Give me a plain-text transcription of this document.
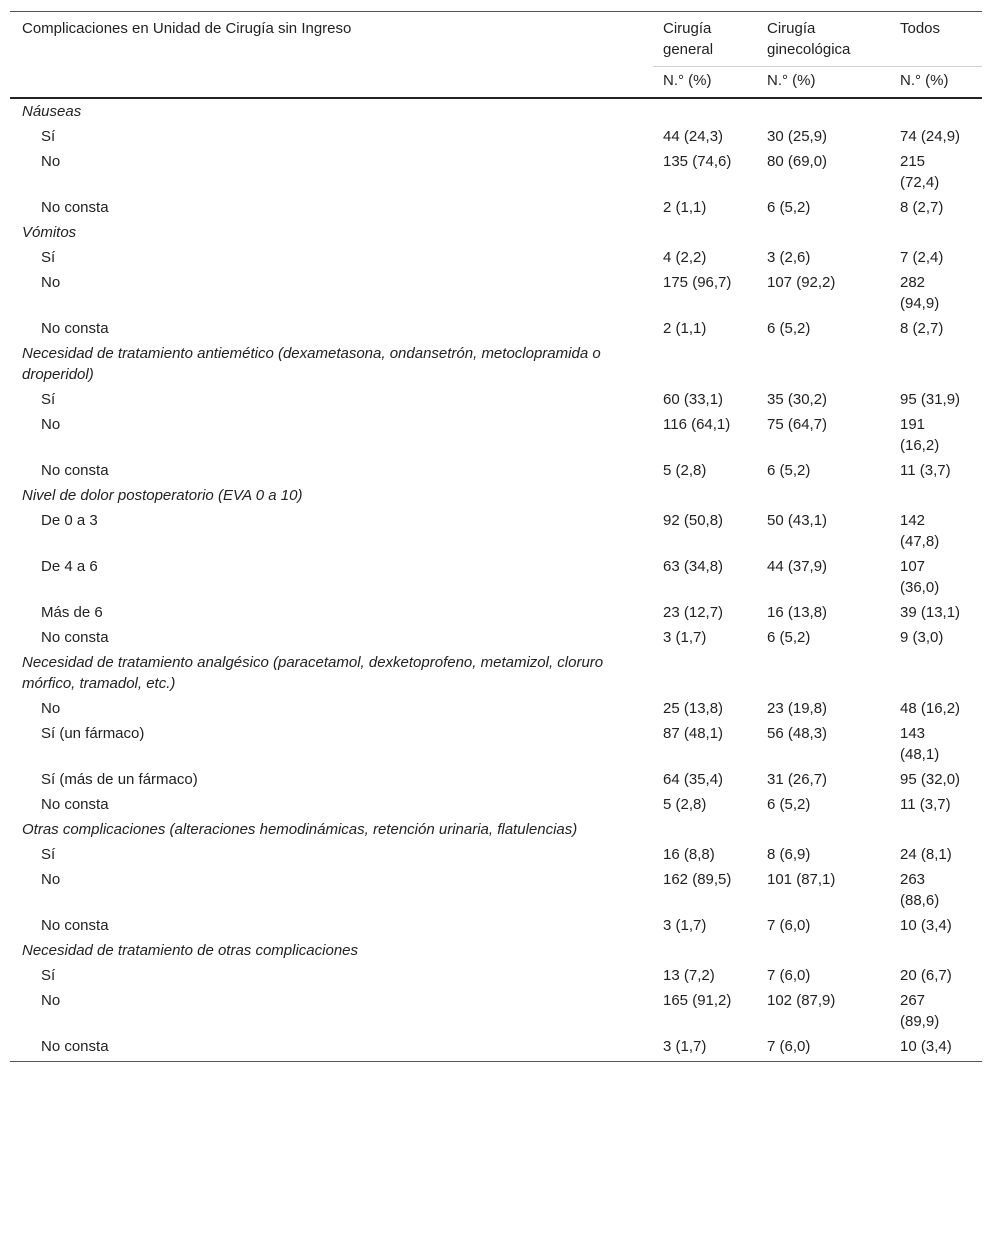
Complicaciones en Unidad de Cirugía sin Ingreso	Cirugía general	Cirugía ginecológica	Todos
	N.° (%)	N.° (%)	N.° (%)
Náuseas			
Sí	44 (24,3)	30 (25,9)	74 (24,9)
No	135 (74,6)	80 (69,0)	215 (72,4)
No consta	2 (1,1)	6 (5,2)	8 (2,7)
Vómitos			
Sí	4 (2,2)	3 (2,6)	7 (2,4)
No	175 (96,7)	107 (92,2)	282 (94,9)
No consta	2 (1,1)	6 (5,2)	8 (2,7)
Necesidad de tratamiento antiemético (dexametasona, ondansetrón, metoclopramida o droperidol)			
Sí	60 (33,1)	35 (30,2)	95 (31,9)
No	116 (64,1)	75 (64,7)	191 (16,2)
No consta	5 (2,8)	6 (5,2)	11 (3,7)
Nivel de dolor postoperatorio (EVA 0 a 10)			
De 0 a 3	92 (50,8)	50 (43,1)	142 (47,8)
De 4 a 6	63 (34,8)	44 (37,9)	107 (36,0)
Más de 6	23 (12,7)	16 (13,8)	39 (13,1)
No consta	3 (1,7)	6 (5,2)	9 (3,0)
Necesidad de tratamiento analgésico (paracetamol, dexketoprofeno, metamizol, cloruro mórfico, tramadol, etc.)			
No	25 (13,8)	23 (19,8)	48 (16,2)
Sí (un fármaco)	87 (48,1)	56 (48,3)	143 (48,1)
Sí (más de un fármaco)	64 (35,4)	31 (26,7)	95 (32,0)
No consta	5 (2,8)	6 (5,2)	11 (3,7)
Otras complicaciones (alteraciones hemodinámicas, retención urinaria, flatulencias)			
Sí	16 (8,8)	8 (6,9)	24 (8,1)
No	162 (89,5)	101 (87,1)	263 (88,6)
No consta	3 (1,7)	7 (6,0)	10 (3,4)
Necesidad de tratamiento de otras complicaciones			
Sí	13 (7,2)	7 (6,0)	20 (6,7)
No	165 (91,2)	102 (87,9)	267 (89,9)
No consta	3 (1,7)	7 (6,0)	10 (3,4)
